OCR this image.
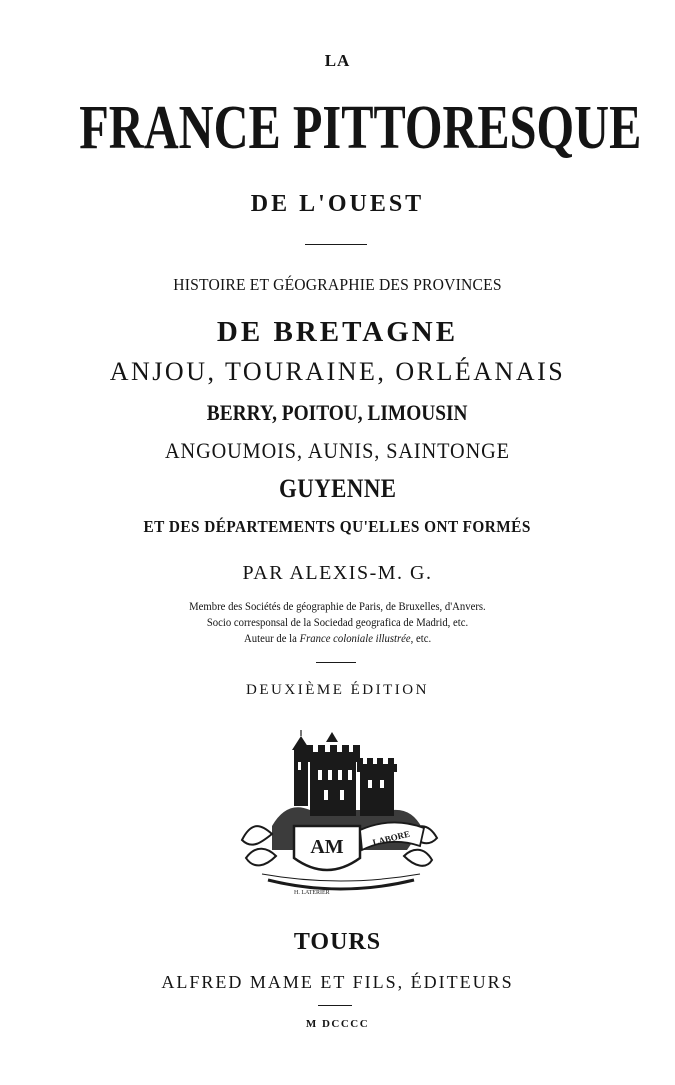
LA
FRANCE PITTORESQUE
DE L'OUEST
HISTOIRE ET GÉOGRAPHIE DES PROVINCES
DE BRETAGNE
ANJOU, TOURAINE, ORLÉANAIS
BERRY, POITOU, LIMOUSIN
ANGOUMOIS, AUNIS, SAINTONGE
GUYENNE
ET DES DÉPARTEMENTS QU'ELLES ONT FORMÉS
PAR ALEXIS-M. G.
Membre des Sociétés de géographie de Paris, de Bruxelles, d'Anvers.
Socio corresponsal de la Sociedad geografica de Madrid, etc.
Auteur de la France coloniale illustrée, etc.
DEUXIÈME ÉDITION
LABORE
AM
H. LATÉRIER
TOURS
ALFRED MAME ET FILS, ÉDITEURS
M DCCCC
